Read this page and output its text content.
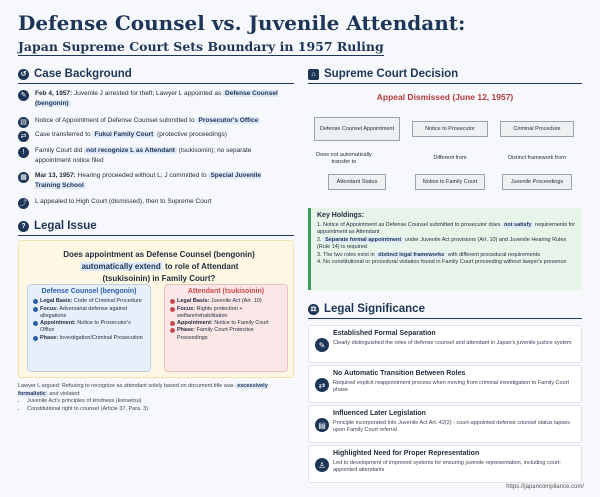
Defense Counsel vs. Juvenile Attendant:
Japan Supreme Court Sets Boundary in 1957 Ruling
↺ Case Background
✎	Feb 4, 1957: Juvenile J arrested for theft; Lawyer L appointed as Defense Counsel (bengonin)
▤	Notice of Appointment of Defense Counsel submitted to Prosecutor's Office
⇄	Case transferred to Fukui Family Court (protective proceedings)
!	Family Court did not recognize L as Attendant (tsukisoinin); no separate appointment notice filed
▦	Mar 13, 1957: Hearing proceeded without L; J committed to Special Juvenile Training School
⤴	L appealed to High Court (dismissed), then to Supreme Court
? Legal Issue
Does appointment as Defense Counsel (bengonin)
automatically extend to role of Attendant (tsukisoinin) in Family Court?
Defense Counsel (bengonin)
Legal Basis: Code of Criminal Procedure
Focus: Adversarial defense against allegations
Appointment: Notice to Prosecutor's Office
Phase: Investigation/Criminal Prosecution
Attendant (tsukisoinin)
Legal Basis: Juvenile Act (Art. 10)
Focus: Rights protection + welfare/rehabilitation
Appointment: Notice to Family Court
Phase: Family Court Protective Proceedings
Lawyer L argued: Refusing to recognize as attendant solely based on document title was excessively formalistic and violated:
• Juvenile Act's principles of kindness (konsetsu)
• Constitutional right to counsel (Article 37, Para. 3)
⌂ Supreme Court Decision
Appeal Dismissed (June 12, 1957)
Defense Counsel Appointment	Notice to Prosecutor	Criminal Procedure
Does not automatically transfer to
Different from	Distinct framework from
Attendant Status	Notice to Family Court	Juvenile Proceedings
Key Holdings:
1. Notice of Appointment as Defense Counsel submitted to prosecutor does not satisfy requirements for appointment as Attendant
2. Separate formal appointment under Juvenile Act provisions (Art. 10) and Juvenile Hearing Rules (Rule 14) is required
3. The two roles exist in distinct legal frameworks with different procedural requirements
4. No constitutional or procedural violation found in Family Court proceeding without lawyer's presence
⚖ Legal Significance
✎
Established Formal Separation
Clearly distinguished the roles of defense counsel and attendant in Japan's juvenile justice system
⇄
No Automatic Transition Between Roles
Required explicit reappointment process when moving from criminal investigation to Family Court phase
▤
Influenced Later Legislation
Principle incorporated into Juvenile Act Art. 42(2) - court-appointed defense counsel status lapses upon Family Court referral
♙
Highlighted Need for Proper Representation
Led to development of improved systems for ensuring juvenile representation, including court-appointed attendants
https://japancompliance.com/
